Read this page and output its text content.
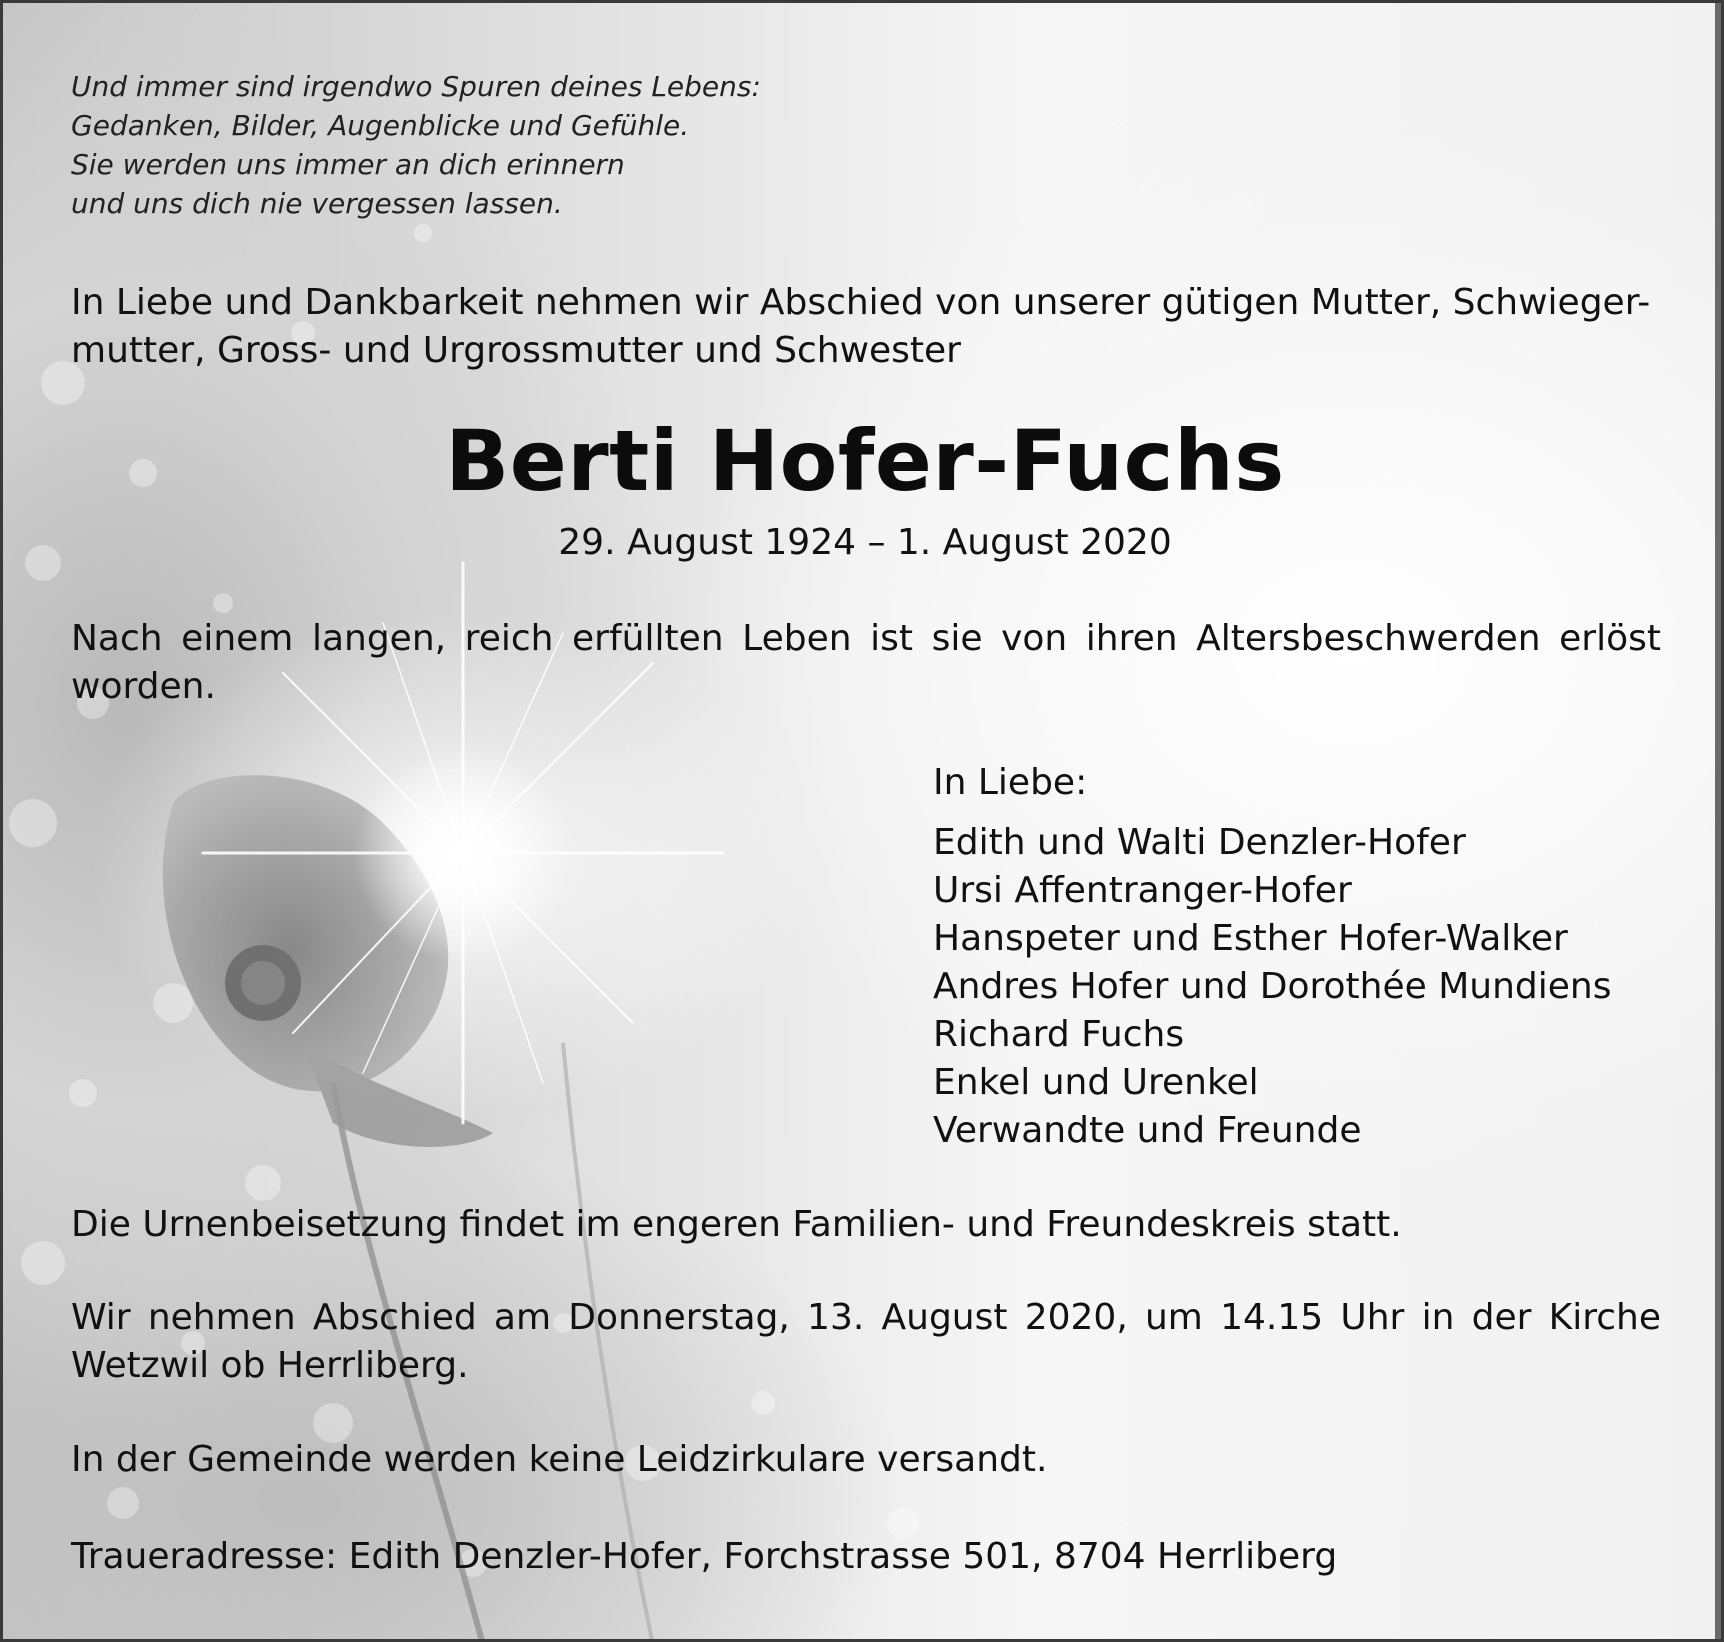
Und immer sind irgendwo Spuren deines Lebens:
Gedanken, Bilder, Augenblicke und Gefühle.
Sie werden uns immer an dich erinnern
und uns dich nie vergessen lassen.

In Liebe und Dankbarkeit nehmen wir Abschied von unserer gütigen Mutter, Schwieger-mutter, Gross- und Urgrossmutter und Schwester

Berti Hofer-Fuchs

29. August 1924 – 1. August 2020

Nach einem langen, reich erfüllten Leben ist sie von ihren Altersbeschwerden erlöst worden.

In Liebe:
Edith und Walti Denzler-Hofer
Ursi Affentranger-Hofer
Hanspeter und Esther Hofer-Walker
Andres Hofer und Dorothée Mundiens
Richard Fuchs
Enkel und Urenkel
Verwandte und Freunde

Die Urnenbeisetzung findet im engeren Familien- und Freundeskreis statt.

Wir nehmen Abschied am Donnerstag, 13. August 2020, um 14.15 Uhr in der Kirche Wetzwil ob Herrliberg.

In der Gemeinde werden keine Leidzirkulare versandt.

Traueradresse: Edith Denzler-Hofer, Forchstrasse 501, 8704 Herrliberg
